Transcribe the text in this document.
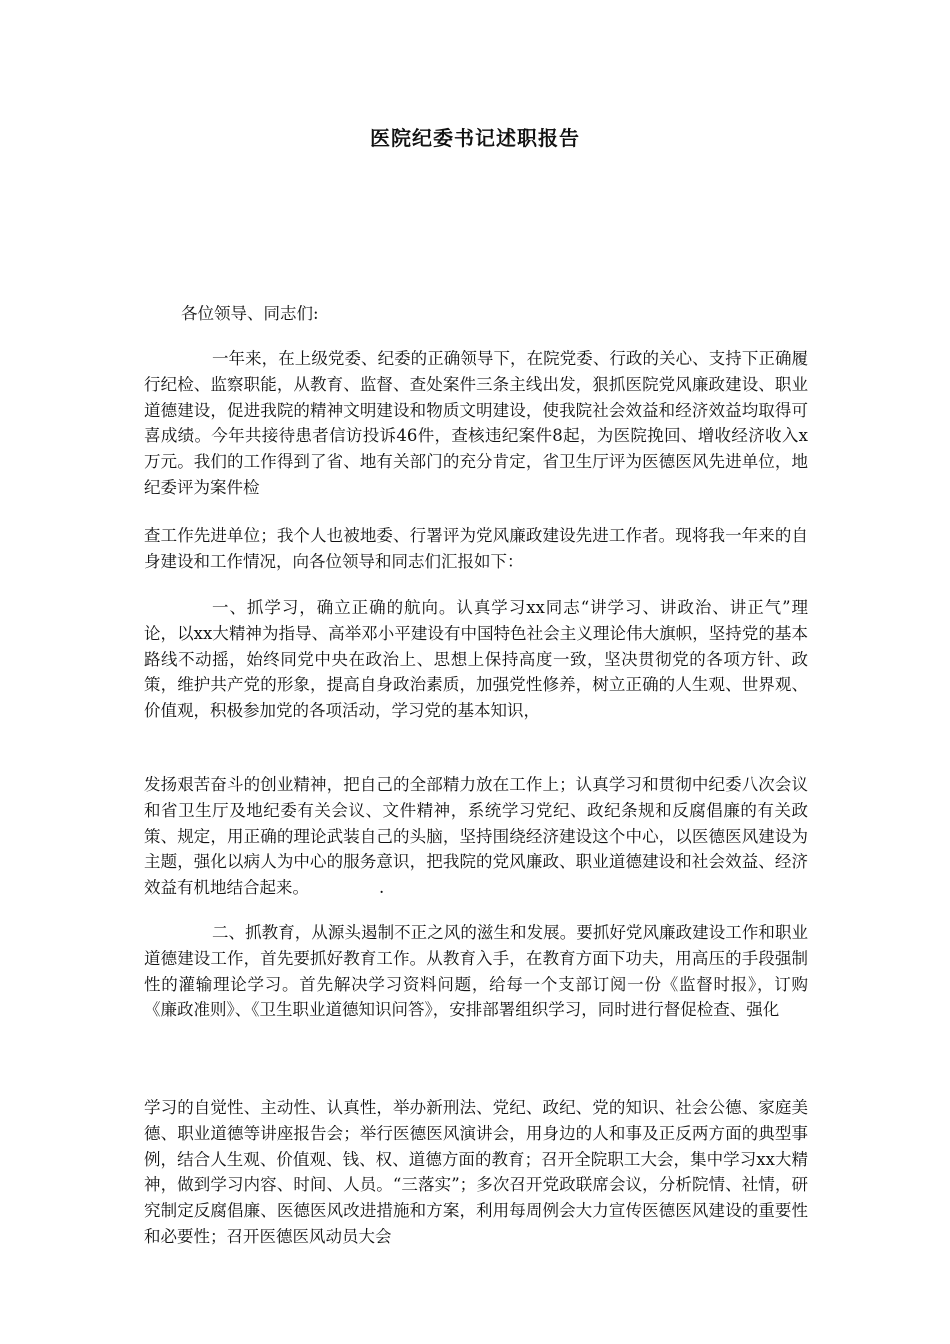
医院纪委书记述职报告

各位领导、同志们:

一年来，在上级党委、纪委的正确领导下，在院党委、行政的关心、支持下正确履行纪检、监察职能，从教育、监督、查处案件三条主线出发，狠抓医院党风廉政建设、职业道德建设，促进我院的精神文明建设和物质文明建设，使我院社会效益和经济效益均取得可喜成绩。今年共接待患者信访投诉46件，查核违纪案件8起，为医院挽回、增收经济收入x万元。我们的工作得到了省、地有关部门的充分肯定，省卫生厅评为医德医风先进单位，地纪委评为案件检

查工作先进单位；我个人也被地委、行署评为党风廉政建设先进工作者。现将我一年来的自身建设和工作情况，向各位领导和同志们汇报如下：

一、抓学习，确立正确的航向。认真学习xx同志“讲学习、讲政治、讲正气”理论，以xx大精神为指导、高举邓小平建设有中国特色社会主义理论伟大旗帜，坚持党的基本路线不动摇，始终同党中央在政治上、思想上保持高度一致，坚决贯彻党的各项方针、政策，维护共产党的形象，提高自身政治素质，加强党性修养，树立正确的人生观、世界观、价值观，积极参加党的各项活动，学习党的基本知识，

发扬艰苦奋斗的创业精神，把自己的全部精力放在工作上；认真学习和贯彻中纪委八次会议和省卫生厅及地纪委有关会议、文件精神，系统学习党纪、政纪条规和反腐倡廉的有关政策、规定，用正确的理论武装自己的头脑，坚持围绕经济建设这个中心，以医德医风建设为主题，强化以病人为中心的服务意识，把我院的党风廉政、职业道德建设和社会效益、经济效益有机地结合起来。	.

二、抓教育，从源头遏制不正之风的滋生和发展。要抓好党风廉政建设工作和职业道德建设工作，首先要抓好教育工作。从教育入手，在教育方面下功夫，用高压的手段强制性的灌输理论学习。首先解决学习资料问题，给每一个支部订阅一份《监督时报》，订购《廉政准则》、《卫生职业道德知识问答》，安排部署组织学习，同时进行督促检查、强化

学习的自觉性、主动性、认真性，举办新刑法、党纪、政纪、党的知识、社会公德、家庭美德、职业道德等讲座报告会；举行医德医风演讲会，用身边的人和事及正反两方面的典型事例，结合人生观、价值观、钱、权、道德方面的教育；召开全院职工大会，集中学习xx大精神，做到学习内容、时间、人员。“三落实”；多次召开党政联席会议，分析院情、社情，研究制定反腐倡廉、医德医风改进措施和方案，利用每周例会大力宣传医德医风建设的重要性和必要性；召开医德医风动员大会
